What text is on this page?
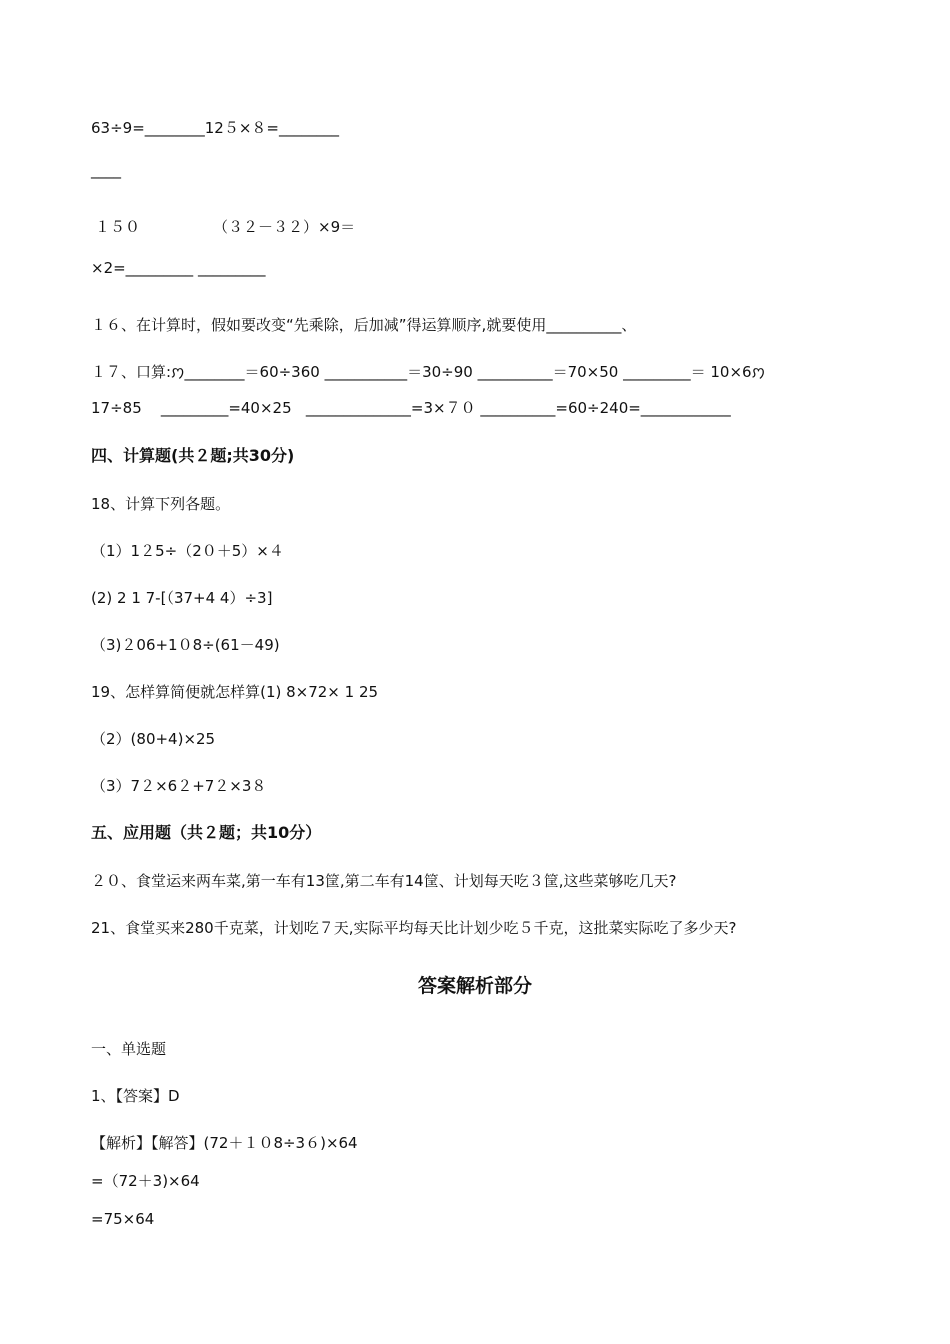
63÷9=________12５×８=________
____
１５０	（３２－３２）×9＝
×2=_________ _________
１６、在计算时，假如要改变“先乘除，后加减”得运算顺序,就要使用__________、
１７、口算:ꩀ________＝60÷360 ___________＝30÷90 __________＝70×50 _________＝ 10×6ꩀ
17÷85    _________=40×25   ______________=3×７０ __________=60÷240=____________
四、计算题(共２题;共30分)
18、计算下列各题。
（1）1２5÷（2０＋5）×４
(2) 2 1 7-[（37+4 4）÷3]
（3)２06+1０8÷(61－49)
19、怎样算简便就怎样算(1) 8×72× 1 25
（2）(80+4)×25
（3）7２×6２+7２×3８
五、应用题（共２题；共10分）
２０、食堂运来两车菜,第一车有13筐,第二车有14筐、计划每天吃３筐,这些菜够吃几天?
21、食堂买来280千克菜，计划吃７天,实际平均每天比计划少吃５千克，这批菜实际吃了多少天?
答案解析部分
一、单选题
1、【答案】D
【解析】【解答】(72＋１０8÷3６)×64
=（72＋3)×64
=75×64
